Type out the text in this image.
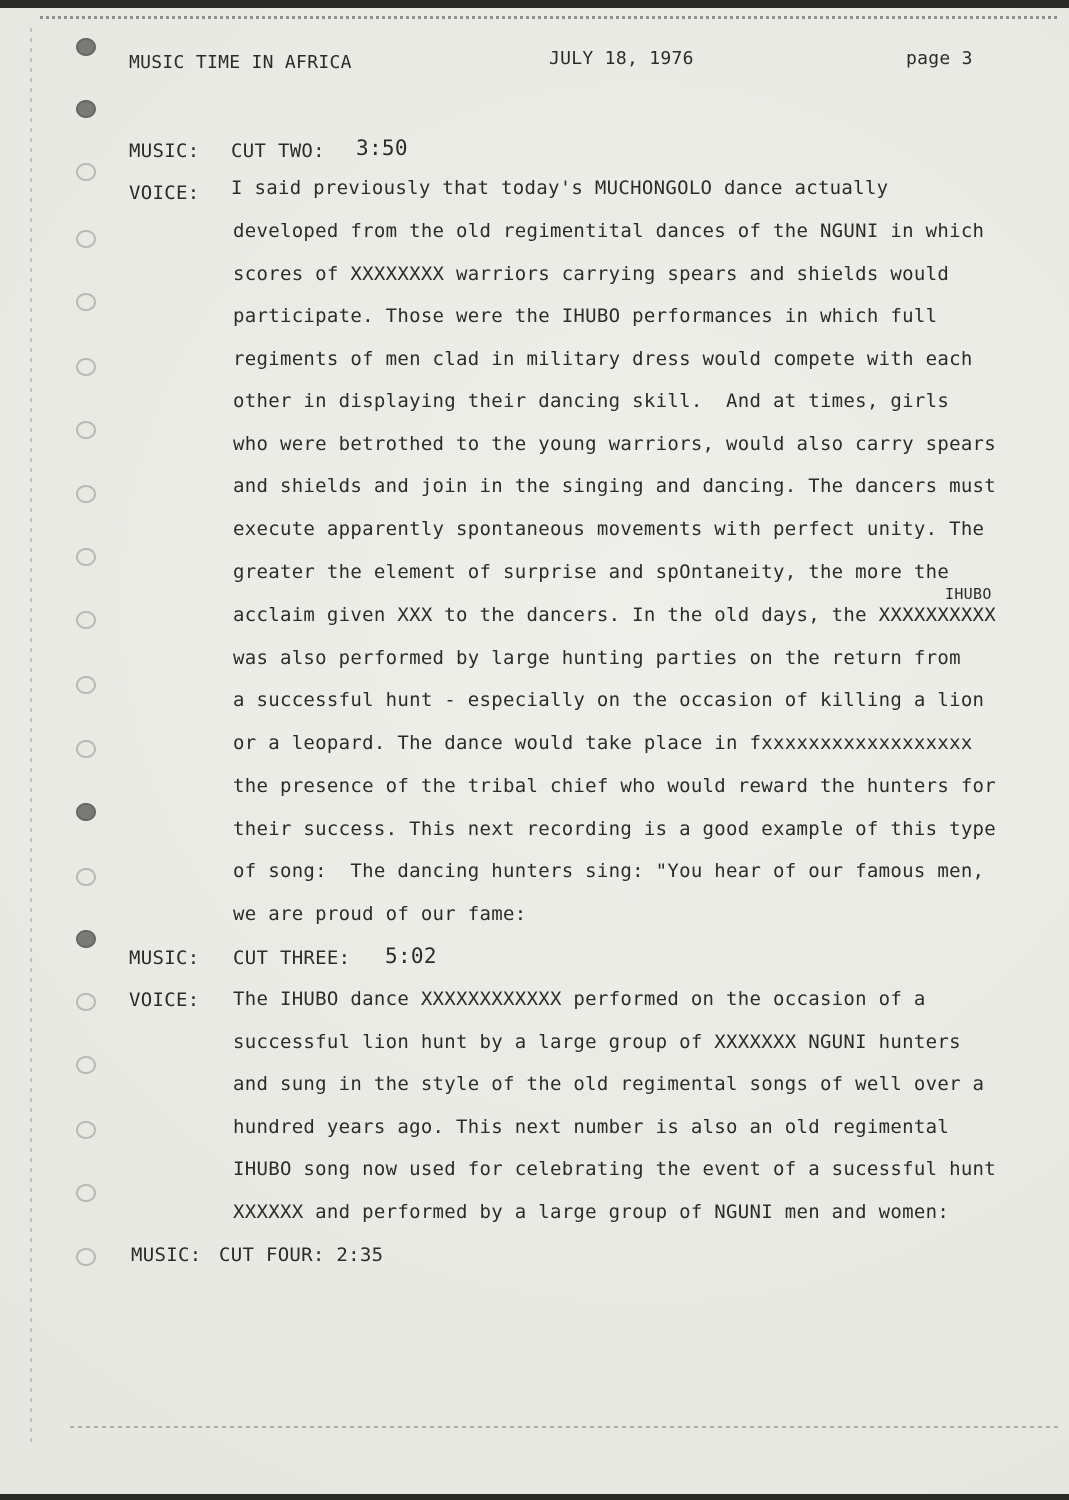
MUSIC TIME IN AFRICA	JULY 18, 1976	page 3
MUSIC: CUT TWO: 3:50
VOICE: I said previously that today's MUCHONGOLO dance actually
developed from the old regimentital dances of the NGUNI in which
scores of XXXXXXXX warriors carrying spears and shields would
participate. Those were the IHUBO performances in which full
regiments of men clad in military dress would compete with each
other in displaying their dancing skill.  And at times, girls
who were betrothed to the young warriors, would also carry spears
and shields and join in the singing and dancing. The dancers must
execute apparently spontaneous movements with perfect unity. The
greater the element of surprise and spOntaneity, the more the
IHUBO
acclaim given XXX to the dancers. In the old days, the XXXXXXXXXX
was also performed by large hunting parties on the return from
a successful hunt - especially on the occasion of killing a lion
or a leopard. The dance would take place in fxxxxxxxxxxxxxxxxxx
the presence of the tribal chief who would reward the hunters for
their success. This next recording is a good example of this type
of song:  The dancing hunters sing: "You hear of our famous men,
we are proud of our fame:
MUSIC: CUT THREE: 5:02
VOICE: The IHUBO dance XXXXXXXXXXXX performed on the occasion of a
successful lion hunt by a large group of XXXXXXX NGUNI hunters
and sung in the style of the old regimental songs of well over a
hundred years ago. This next number is also an old regimental
IHUBO song now used for celebrating the event of a sucessful hunt
XXXXXX and performed by a large group of NGUNI men and women:
MUSIC: CUT FOUR: 2:35
